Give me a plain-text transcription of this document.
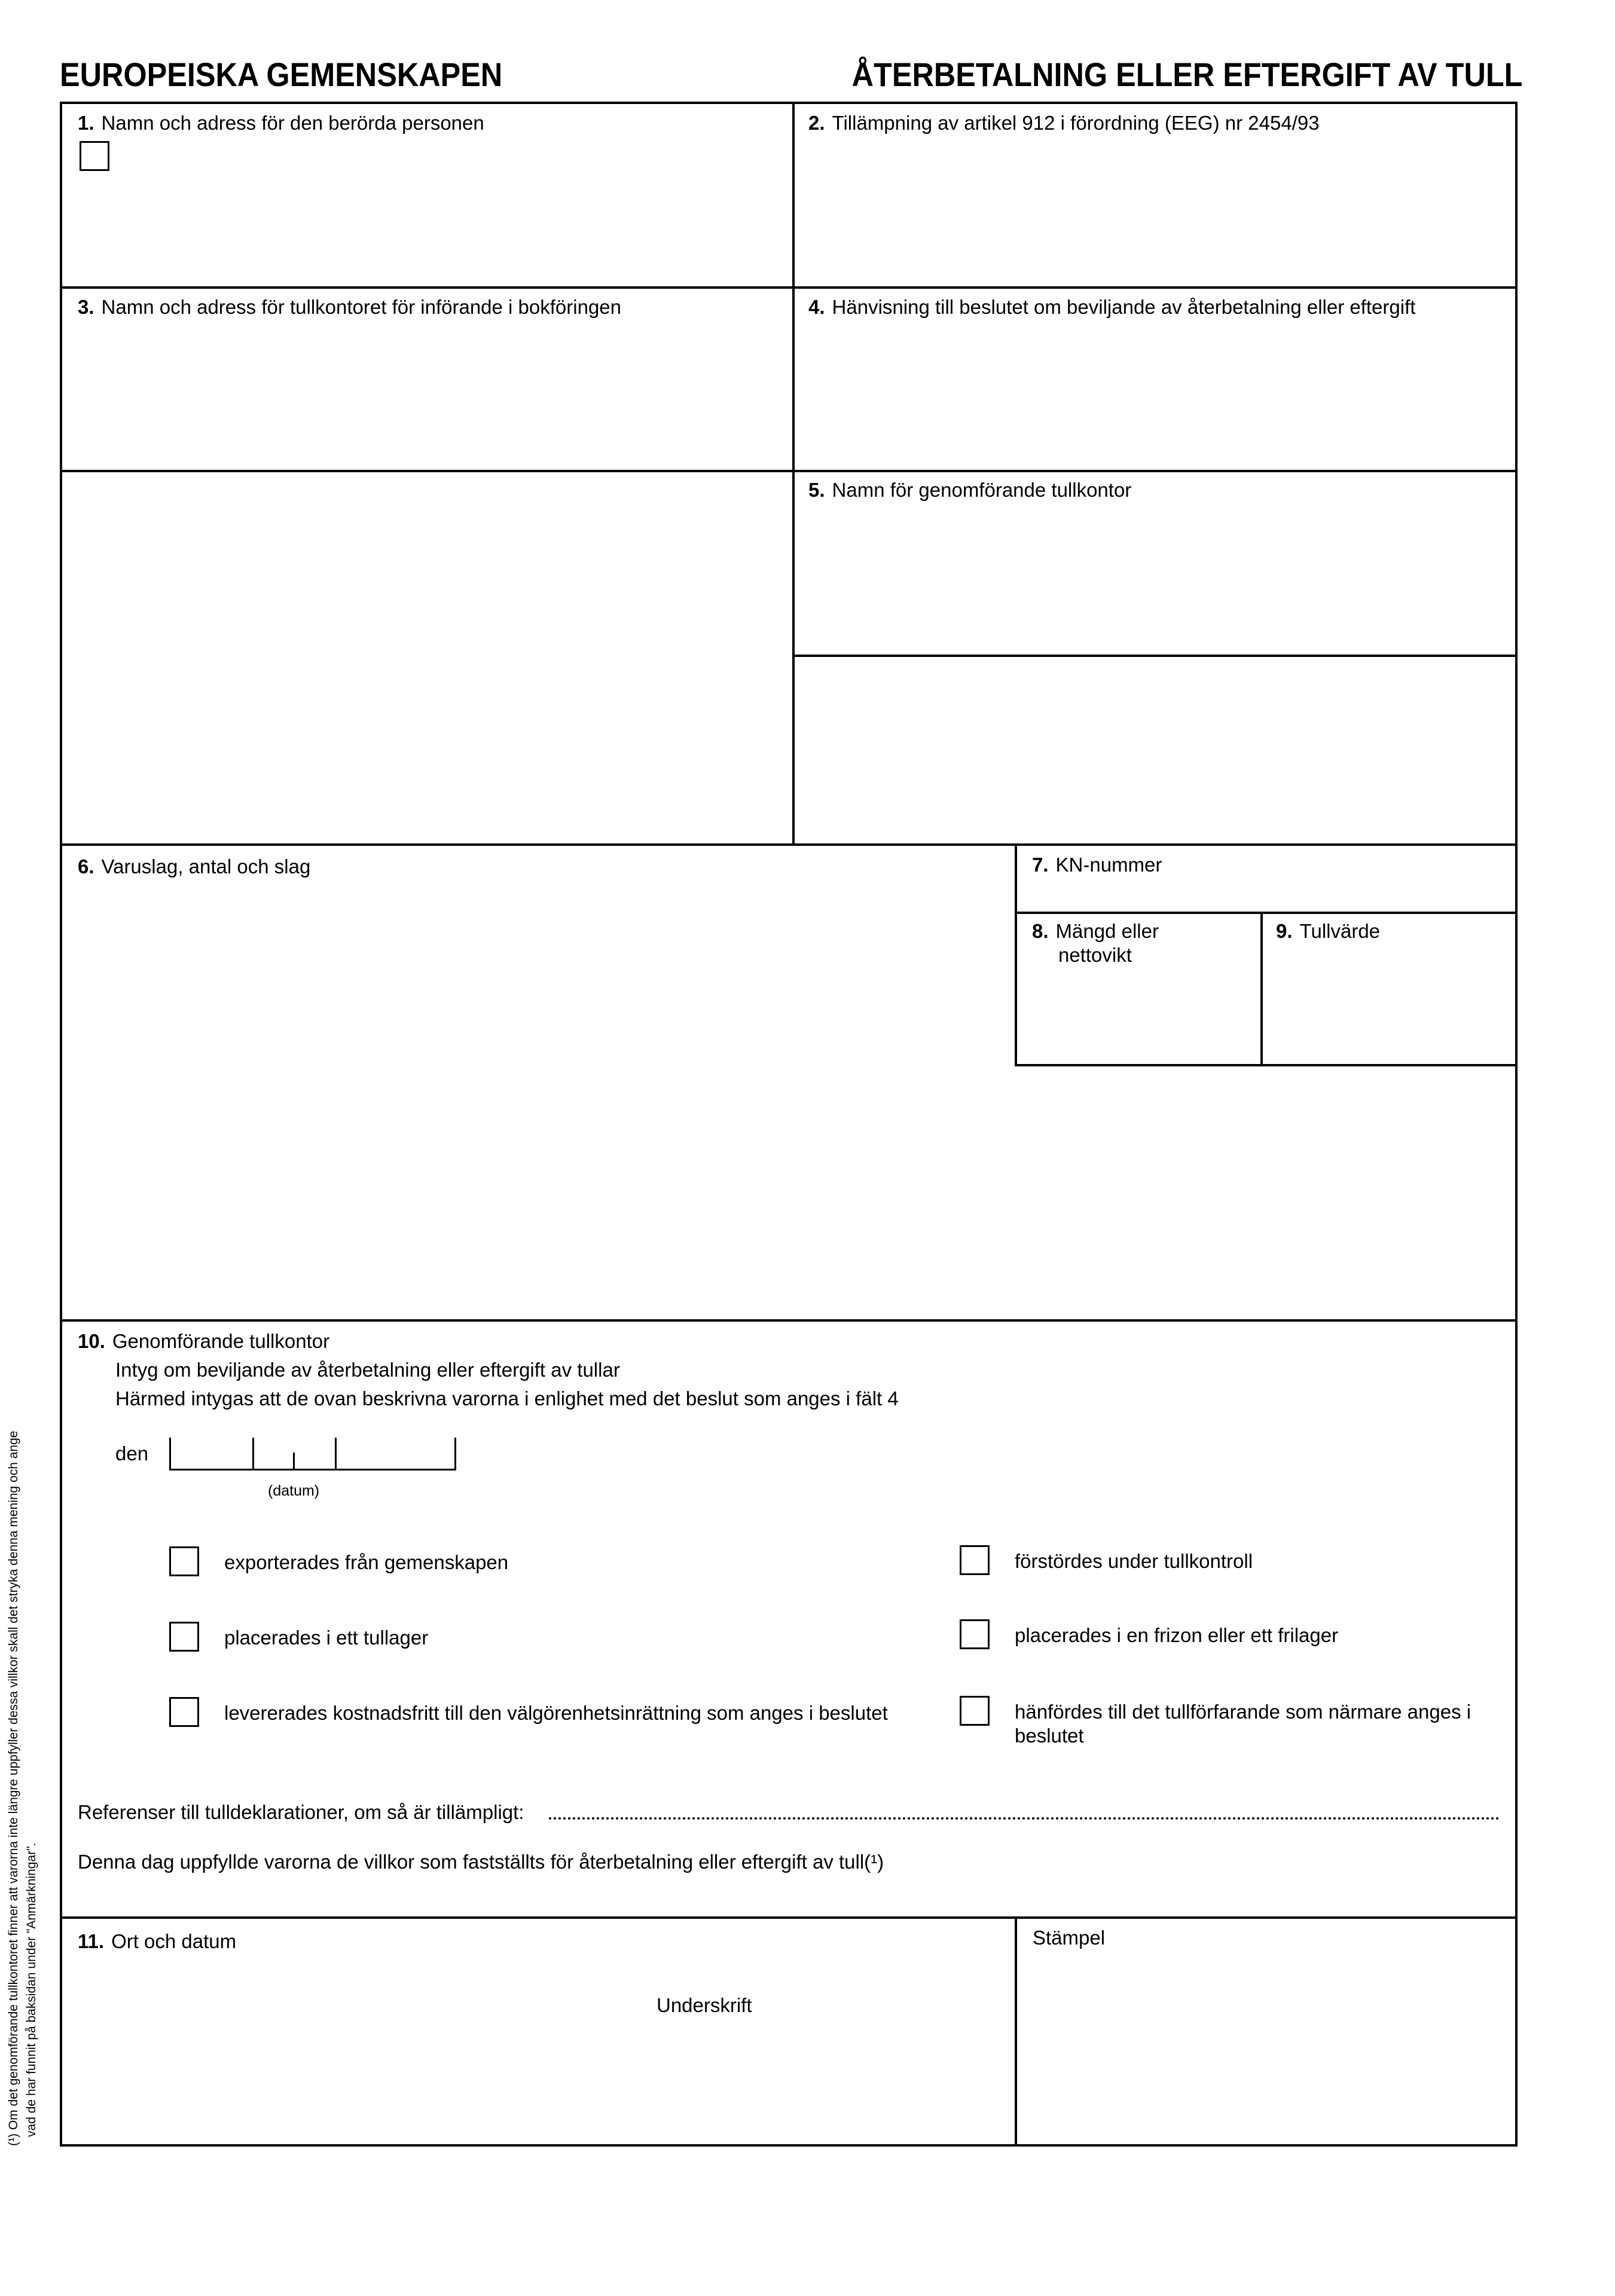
EUROPEISKA GEMENSKAPEN	ÅTERBETALNING ELLER EFTERGIFT AV TULL
1. Namn och adress för den berörda personen	2. Tillämpning av artikel 912 i förordning (EEG) nr 2454/93
3. Namn och adress för tullkontoret för införande i bokföringen	4. Hänvisning till beslutet om beviljande av återbetalning eller eftergift
5. Namn för genomförande tullkontor
6. Varuslag, antal och slag	7. KN-nummer
8. Mängd eller
nettovikt
9. Tullvärde
10. Genomförande tullkontor
Intyg om beviljande av återbetalning eller eftergift av tullar
Härmed intygas att de ovan beskrivna varorna i enlighet med det beslut som anges i fält 4
den
(datum)
exporterades från gemenskapen
placerades i ett tullager
levererades kostnadsfritt till den välgörenhetsinrättning som anges i beslutet
förstördes under tullkontroll
placerades i en frizon eller ett frilager
hänfördes till det tullförfarande som närmare anges i
beslutet
Referenser till tulldeklarationer, om så är tillämpligt:
Denna dag uppfyllde varorna de villkor som fastställts för återbetalning eller eftergift av tull(¹)
11. Ort och datum
Underskrift
Stämpel
(¹) Om det genomförande tullkontoret finner att varorna inte längre uppfyller dessa villkor skall det stryka denna mening och ange vad de har funnit på baksidan under "Anmärkningar".
